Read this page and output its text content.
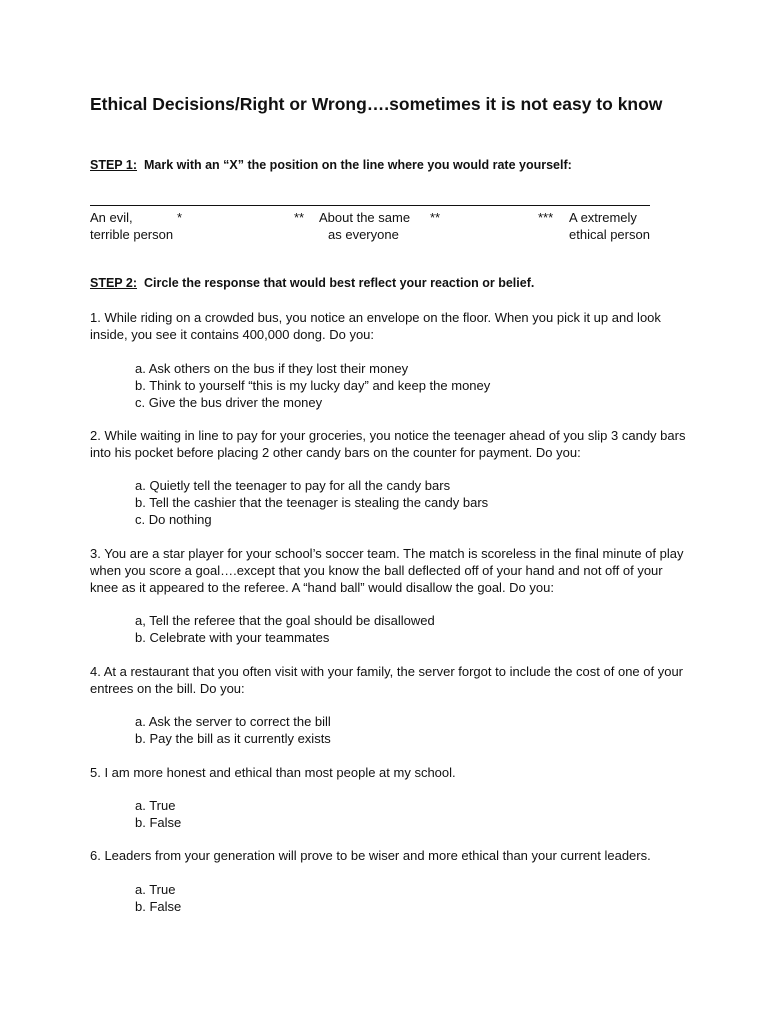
Ethical Decisions/Right or Wrong….sometimes it is not easy to know
STEP 1: Mark with an “X” the position on the line where you would rate yourself:
An evil,
terrible person
*	** About the same
as everyone
**	*** A extremely
ethical person
STEP 2: Circle the response that would best reflect your reaction or belief.
1. While riding on a crowded bus, you notice an envelope on the floor. When you pick it up and look inside, you see it contains 400,000 dong. Do you:
a. Ask others on the bus if they lost their money
b. Think to yourself “this is my lucky day” and keep the money
c. Give the bus driver the money
2. While waiting in line to pay for your groceries, you notice the teenager ahead of you slip 3 candy bars into his pocket before placing 2 other candy bars on the counter for payment. Do you:
a. Quietly tell the teenager to pay for all the candy bars
b. Tell the cashier that the teenager is stealing the candy bars
c. Do nothing
3. You are a star player for your school’s soccer team. The match is scoreless in the final minute of play when you score a goal….except that you know the ball deflected off of your hand and not off of your knee as it appeared to the referee. A “hand ball” would disallow the goal. Do you:
a, Tell the referee that the goal should be disallowed
b. Celebrate with your teammates
4. At a restaurant that you often visit with your family, the server forgot to include the cost of one of your entrees on the bill. Do you:
a. Ask the server to correct the bill
b. Pay the bill as it currently exists
5. I am more honest and ethical than most people at my school.
a. True
b. False
6. Leaders from your generation will prove to be wiser and more ethical than your current leaders.
a. True
b. False
